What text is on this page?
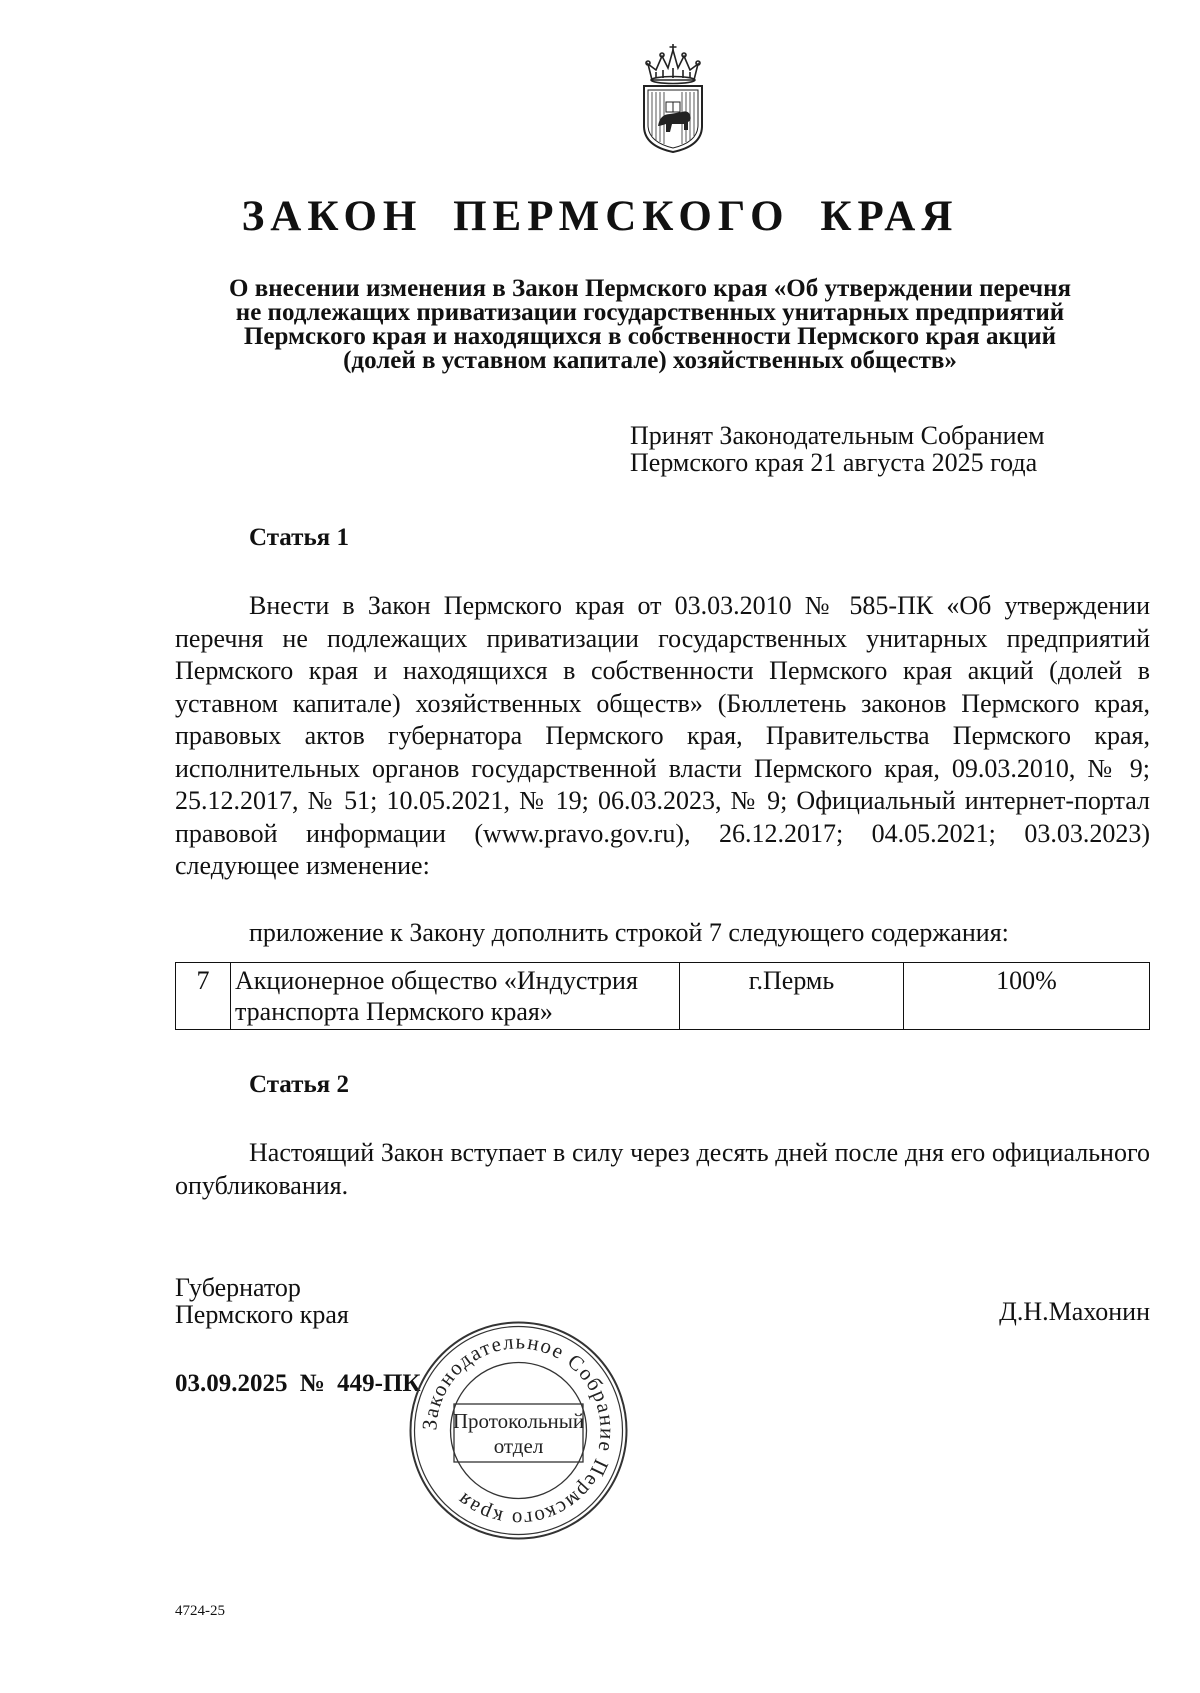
ЗАКОН ПЕРМСКОГО КРАЯ
О внесении изменения в Закон Пермского края «Об утверждении перечня
не подлежащих приватизации государственных унитарных предприятий
Пермского края и находящихся в собственности Пермского края акций
(долей в уставном капитале) хозяйственных обществ»
Принят Законодательным Собранием
Пермского края 21 августа 2025 года
Статья 1

Внести в Закон Пермского края от 03.03.2010 № 585-ПК «Об утверждении перечня не подлежащих приватизации государственных унитарных предприятий Пермского края и находящихся в собственности Пермского края акций (долей в уставном капитале) хозяйственных обществ» (Бюллетень законов Пермского края, правовых актов губернатора Пермского края, Правительства Пермского края, исполнительных органов государственной власти Пермского края, 09.03.2010, № 9; 25.12.2017, № 51; 10.05.2021, № 19; 06.03.2023, № 9; Официальный интернет-портал правовой информации (www.pravo.gov.ru), 26.12.2017; 04.05.2021; 03.03.2023) следующее изменение:

приложение к Закону дополнить строкой 7 следующего содержания:

7	Акционерное общество «Индустрия транспорта Пермского края»	г.Пермь	100%
Статья 2

Настоящий Закон вступает в силу через десять дней после дня его официального опубликования.

Губернатор
Пермского края	Д.Н.Махонин
03.09.2025 № 449-ПК
Законодательное Собрание Пермского края
Протокольный
отдел
4724-25
